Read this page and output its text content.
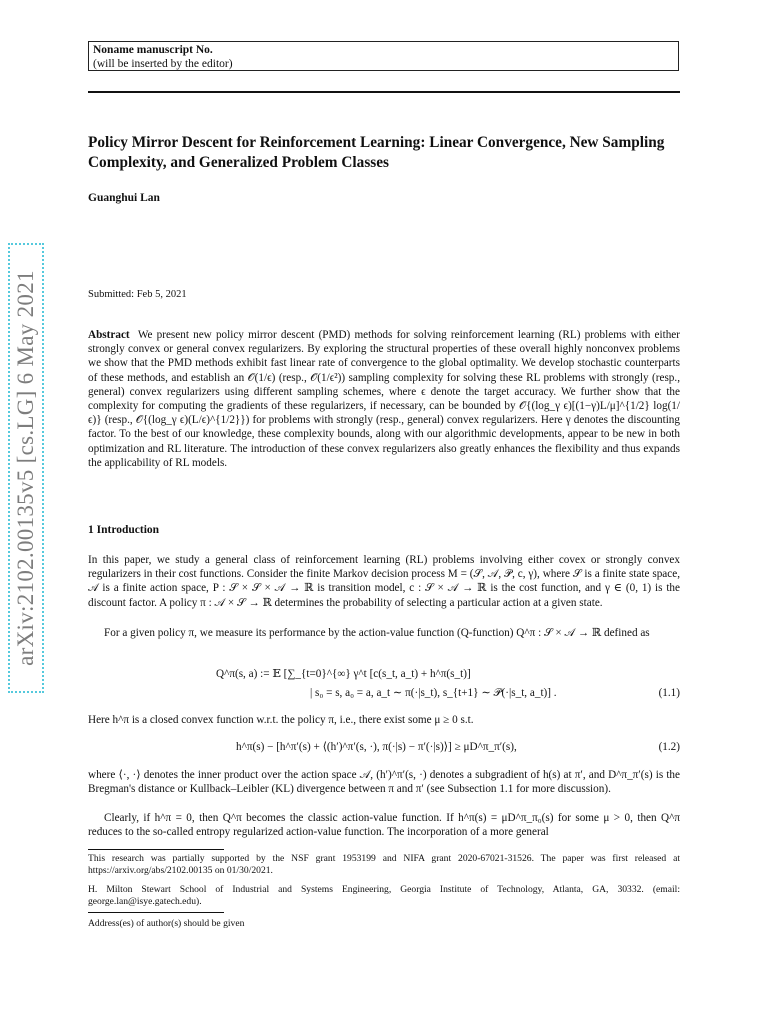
Noname manuscript No.
(will be inserted by the editor)
Policy Mirror Descent for Reinforcement Learning: Linear Convergence, New Sampling Complexity, and Generalized Problem Classes
Guanghui Lan
arXiv:2102.00135v5 [cs.LG] 6 May 2021	Submitted: Feb 5, 2021
Abstract We present new policy mirror descent (PMD) methods for solving reinforcement learning (RL) problems with either strongly convex or general convex regularizers. By exploring the structural properties of these overall highly nonconvex problems we show that the PMD methods exhibit fast linear rate of convergence to the global optimality. We develop stochastic counterparts of these methods, and establish an 𝒪(1/ϵ) (resp., 𝒪(1/ϵ²)) sampling complexity for solving these RL problems with strongly (resp., general) convex regularizers using different sampling schemes, where ϵ denote the target accuracy. We further show that the complexity for computing the gradients of these regularizers, if necessary, can be bounded by 𝒪{(log_γ ϵ)[(1−γ)L/μ]^{1/2} log(1/ϵ)} (resp., 𝒪{(log_γ ϵ)(L/ϵ)^{1/2}}) for problems with strongly (resp., general) convex regularizers. Here γ denotes the discounting factor. To the best of our knowledge, these complexity bounds, along with our algorithmic developments, appear to be new in both optimization and RL literature. The introduction of these convex regularizers also greatly enhances the flexibility and thus expands the applicability of RL models.
1 Introduction
In this paper, we study a general class of reinforcement learning (RL) problems involving either covex or strongly convex regularizers in their cost functions. Consider the finite Markov decision process M = (𝒮, 𝒜, 𝒫, c, γ), where 𝒮 is a finite state space, 𝒜 is a finite action space, P : 𝒮 × 𝒮 × 𝒜 → ℝ is transition model, c : 𝒮 × 𝒜 → ℝ is the cost function, and γ ∈ (0, 1) is the discount factor. A policy π : 𝒜 × 𝒮 → ℝ determines the probability of selecting a particular action at a given state.
For a given policy π, we measure its performance by the action-value function (Q-function) Q^π : 𝒮 × 𝒜 → ℝ defined as
Q^π(s, a) := 𝔼 [∑_{t=0}^{∞} γ^t [c(s_t, a_t) + h^π(s_t)]
| s₀ = s, a₀ = a, a_t ∼ π(·|s_t), s_{t+1} ∼ 𝒫(·|s_t, a_t)] .	(1.1)
Here h^π is a closed convex function w.r.t. the policy π, i.e., there exist some μ ≥ 0 s.t.
h^π(s) − [h^π′(s) + ⟨(h′)^π′(s, ·), π(·|s) − π′(·|s)⟩] ≥ μD^π_π′(s),	(1.2)
where ⟨·, ·⟩ denotes the inner product over the action space 𝒜, (h′)^π′(s, ·) denotes a subgradient of h(s) at π′, and D^π_π′(s) is the Bregman's distance or Kullback–Leibler (KL) divergence between π and π′ (see Subsection 1.1 for more discussion).
Clearly, if h^π = 0, then Q^π becomes the classic action-value function. If h^π(s) = μD^π_π₀(s) for some μ > 0, then Q^π reduces to the so-called entropy regularized action-value function. The incorporation of a more general
This research was partially supported by the NSF grant 1953199 and NIFA grant 2020-67021-31526. The paper was first released at https://arxiv.org/abs/2102.00135 on 01/30/2021.
H. Milton Stewart School of Industrial and Systems Engineering, Georgia Institute of Technology, Atlanta, GA, 30332. (email: george.lan@isye.gatech.edu).
Address(es) of author(s) should be given
